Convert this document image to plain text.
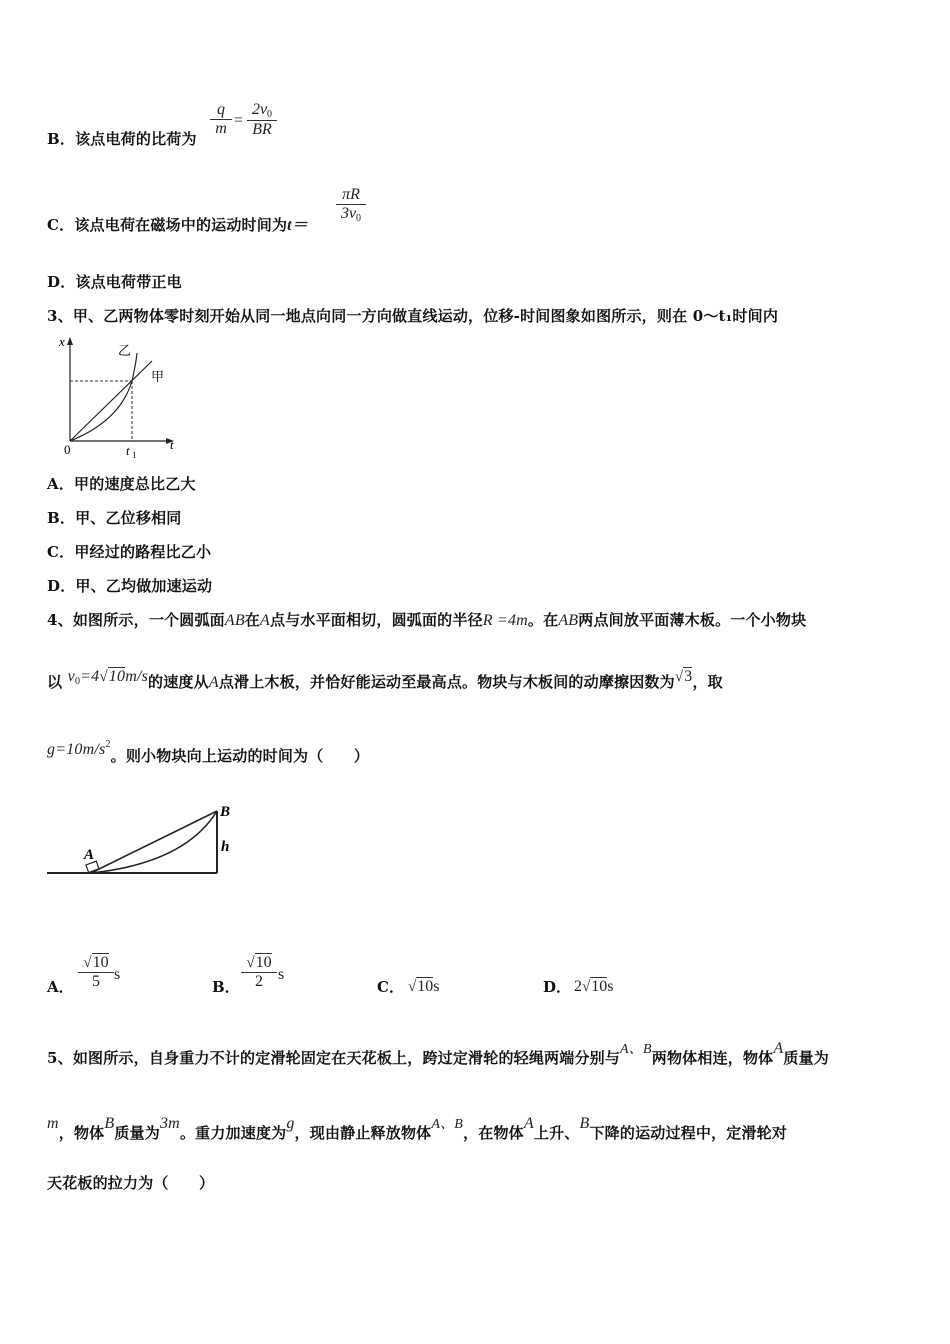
B．该点电荷的比荷为
q
m =
$2v_0$
BR
C．该点电荷在磁场中的运动时间为t＝
πR
$3v_0$
D．该点电荷带正电
3、甲、乙两物体零时刻开始从同一地点向同一方向做直线运动，位移-时间图象如图所示，则在 0～t₁时间内
x
t
0	t 1
乙
甲
A．甲的速度总比乙大
B．甲、乙位移相同
C．甲经过的路程比乙小
D．甲、乙均做加速运动
4、如图所示，一个圆弧面AB在A点与水平面相切，圆弧面的半径R =4m。在AB两点间放平面薄木板。一个小物块
以 $v_0=4√10m/s$的速度从A点滑上木板，并恰好能运动至最高点。物块与木板间的动摩擦因数为√3，取
$g=10m/s^2$。则小物块向上运动的时间为（　　）
A
B
h
A．
√10
5 s
B．
√10
2 s
C． √10s	D． 2√10s
5、如图所示，自身重力不计的定滑轮固定在天花板上，跨过定滑轮的轻绳两端分别与A、B两物体相连，物体A质量为
m，物体B质量为3m。重力加速度为g，现由静止释放物体A、B，在物体A上升、B下降的运动过程中，定滑轮对
天花板的拉力为（　　）
